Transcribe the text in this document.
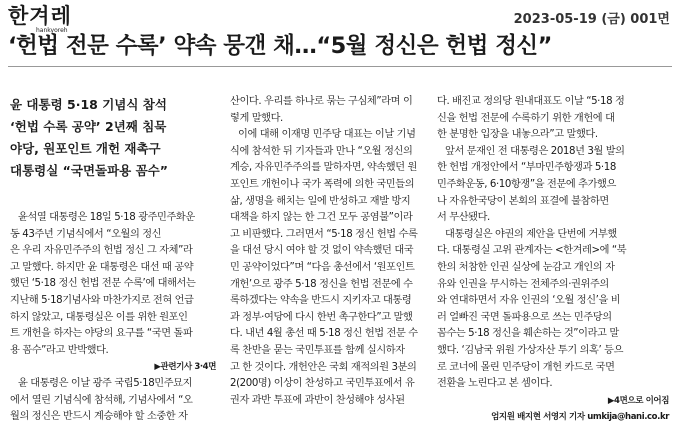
한겨레
hankyoreh
2023-05-19 (금) 001면
‘헌법 전문 수록’ 약속 뭉갠 채…“5월 정신은 헌법 정신”
윤 대통령 5·18 기념식 참석
‘헌법 수록 공약’ 2년째 침묵
야당, 원포인트 개헌 재촉구
대통령실 “국면돌파용 꼼수”

윤석열 대통령은 18일 5·18 광주민주화운

동 43주년 기념식에서 “오월의 정신

은 우리 자유민주주의 헌법 정신 그 자체”라

고 말했다. 하지만 윤 대통령은 대선 때 공약

했던 ‘5·18 정신 헌법 전문 수록’에 대해서는

지난해 5·18기념사와 마찬가지로 전혀 언급

하지 않았고, 대통령실은 이를 위한 원포인

트 개헌을 하자는 야당의 요구를 “국면 돌파

용 꼼수”라고 반박했다.

▶관련기사 3·4면

윤 대통령은 이날 광주 국립5·18민주묘지

에서 열린 기념식에 참석해, 기념사에서 “오

월의 정신은 반드시 계승해야 할 소중한 자

산이다. 우리를 하나로 묶는 구심체”라며 이

렇게 말했다.

이에 대해 이재명 민주당 대표는 이날 기념

식에 참석한 뒤 기자들과 만나 “오월 정신의

계승, 자유민주주의를 말하자면, 약속했던 원

포인트 개헌이나 국가 폭력에 의한 국민들의

삶, 생명을 해치는 일에 반성하고 재발 방지

대책을 하지 않는 한 그건 모두 공염불”이라

고 비판했다. 그러면서 “5·18 정신 헌법 수록

을 대선 당시 여야 할 것 없이 약속했던 대국

민 공약이었다”며 “다음 총선에서 ‘원포인트

개헌’으로 광주 5·18 정신을 헌법 전문에 수

록하겠다는 약속을 반드시 지키자고 대통령

과 정부·여당에 다시 한번 촉구한다”고 말했

다. 내년 4월 총선 때 5·18 정신 헌법 전문 수

록 찬반을 묻는 국민투표를 함께 실시하자

고 한 것이다. 개헌안은 국회 재적의원 3분의

2(200명) 이상이 찬성하고 국민투표에서 유

권자 과반 투표에 과반이 찬성해야 성사된

다. 배진교 정의당 원내대표도 이날 “5·18 정

신을 헌법 전문에 수록하기 위한 개헌에 대

한 분명한 입장을 내놓으라”고 말했다.

앞서 문재인 전 대통령은 2018년 3월 발의

한 헌법 개정안에서 “부마민주항쟁과 5·18

민주화운동, 6·10항쟁”을 전문에 추가했으

나 자유한국당이 본회의 표결에 불참하면

서 무산됐다.

대통령실은 야권의 제안을 단번에 거부했

다. 대통령실 고위 관계자는 <한겨레>에 “북

한의 처참한 인권 실상에 눈감고 개인의 자

유와 인권을 무시하는 전체주의·권위주의

와 연대하면서 자유 인권의 ‘오월 정신’을 비

러 얼빠진 국면 돌파용으로 쓰는 민주당의

꼼수는 5·18 정신을 훼손하는 것”이라고 말

했다. ‘김남국 위원 가상자산 투기 의혹’ 등으

로 코너에 몰린 민주당이 개헌 카드로 국면

전환을 노린다고 본 셈이다.

▶4면으로 이어짐

엄지원 배지현 서영지 기자 umkija@hani.co.kr
